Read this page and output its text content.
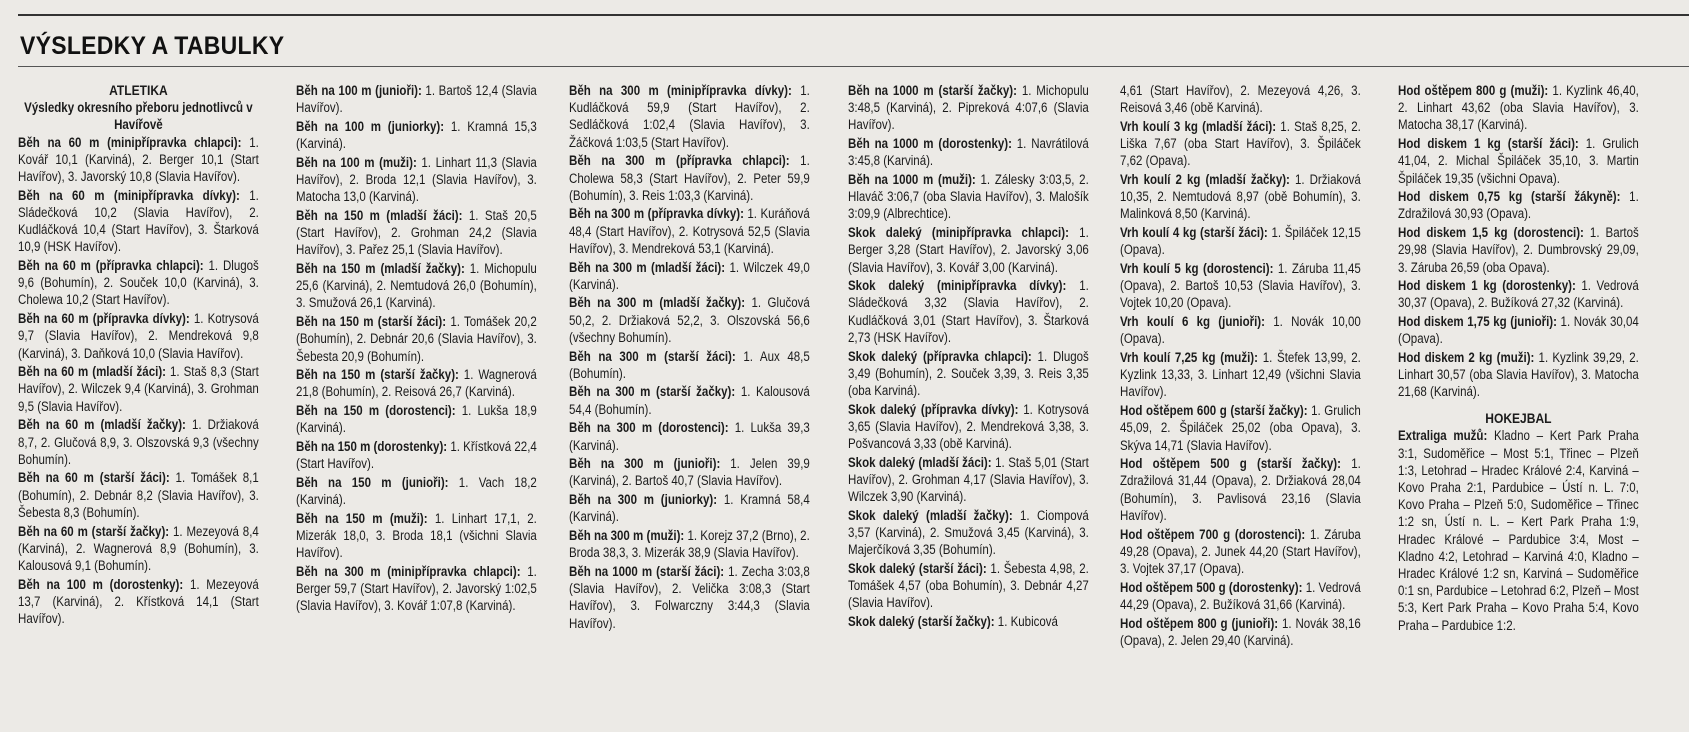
VÝSLEDKY A TABULKY
ATLETIKA
Výsledky okresního přeboru jednotlivců v Havířově

Běh na 60 m (minipřípravka chlapci): 1. Kovář 10,1 (Karviná), 2. Berger 10,1 (Start Havířov), 3. Javorský 10,8 (Slavia Havířov).

Běh na 60 m (minipřípravka dívky): 1. Sládečková 10,2 (Slavia Havířov), 2. Kudláčková 10,4 (Start Havířov), 3. Štarková 10,9 (HSK Havířov).

Běh na 60 m (přípravka chlapci): 1. Dlugoš 9,6 (Bohumín), 2. Souček 10,0 (Karviná), 3. Cholewa 10,2 (Start Havířov).

Běh na 60 m (přípravka dívky): 1. Kotrysová 9,7 (Slavia Havířov), 2. Mendreková 9,8 (Karviná), 3. Daňková 10,0 (Slavia Havířov).

Běh na 60 m (mladší žáci): 1. Staš 8,3 (Start Havířov), 2. Wilczek 9,4 (Karviná), 3. Grohman 9,5 (Slavia Havířov).

Běh na 60 m (mladší žačky): 1. Držiaková 8,7, 2. Glučová 8,9, 3. Olszovská 9,3 (všechny Bohumín).

Běh na 60 m (starší žáci): 1. Tomášek 8,1 (Bohumín), 2. Debnár 8,2 (Slavia Havířov), 3. Šebesta 8,3 (Bohumín).

Běh na 60 m (starší žačky): 1. Mezeyová 8,4 (Karviná), 2. Wagnerová 8,9 (Bohumín), 3. Kalousová 9,1 (Bohumín).

Běh na 100 m (dorostenky): 1. Mezeyová 13,7 (Karviná), 2. Křístková 14,1 (Start Havířov).

Běh na 100 m (junioři): 1. Bartoš 12,4 (Slavia Havířov).

Běh na 100 m (juniorky): 1. Kramná 15,3 (Karviná).

Běh na 100 m (muži): 1. Linhart 11,3 (Slavia Havířov), 2. Broda 12,1 (Slavia Havířov), 3. Matocha 13,0 (Karviná).

Běh na 150 m (mladší žáci): 1. Staš 20,5 (Start Havířov), 2. Grohman 24,2 (Slavia Havířov), 3. Pařez 25,1 (Slavia Havířov).

Běh na 150 m (mladší žačky): 1. Michopulu 25,6 (Karviná), 2. Nemtudová 26,0 (Bohumín), 3. Smužová 26,1 (Karviná).

Běh na 150 m (starší žáci): 1. Tomášek 20,2 (Bohumín), 2. Debnár 20,6 (Slavia Havířov), 3. Šebesta 20,9 (Bohumín).

Běh na 150 m (starší žačky): 1. Wagnerová 21,8 (Bohumín), 2. Reisová 26,7 (Karviná).

Běh na 150 m (dorostenci): 1. Lukša 18,9 (Karviná).

Běh na 150 m (dorostenky): 1. Křístková 22,4 (Start Havířov).

Běh na 150 m (junioři): 1. Vach 18,2 (Karviná).

Běh na 150 m (muži): 1. Linhart 17,1, 2. Mizerák 18,0, 3. Broda 18,1 (všichni Slavia Havířov).

Běh na 300 m (minipřípravka chlapci): 1. Berger 59,7 (Start Havířov), 2. Javorský 1:02,5 (Slavia Havířov), 3. Kovář 1:07,8 (Karviná).

Běh na 300 m (minipřípravka dívky): 1. Kudláčková 59,9 (Start Havířov), 2. Sedláčková 1:02,4 (Slavia Havířov), 3. Žáčková 1:03,5 (Start Havířov).

Běh na 300 m (přípravka chlapci): 1. Cholewa 58,3 (Start Havířov), 2. Peter 59,9 (Bohumín), 3. Reis 1:03,3 (Karviná).

Běh na 300 m (přípravka dívky): 1. Kuráňová 48,4 (Start Havířov), 2. Kotrysová 52,5 (Slavia Havířov), 3. Mendreková 53,1 (Karviná).

Běh na 300 m (mladší žáci): 1. Wilczek 49,0 (Karviná).

Běh na 300 m (mladší žačky): 1. Glučová 50,2, 2. Držiaková 52,2, 3. Olszovská 56,6 (všechny Bohumín).

Běh na 300 m (starší žáci): 1. Aux 48,5 (Bohumín).

Běh na 300 m (starší žačky): 1. Kalousová 54,4 (Bohumín).

Běh na 300 m (dorostenci): 1. Lukša 39,3 (Karviná).

Běh na 300 m (junioři): 1. Jelen 39,9 (Karviná), 2. Bartoš 40,7 (Slavia Havířov).

Běh na 300 m (juniorky): 1. Kramná 58,4 (Karviná).

Běh na 300 m (muži): 1. Korejz 37,2 (Brno), 2. Broda 38,3, 3. Mizerák 38,9 (Slavia Havířov).

Běh na 1000 m (starší žáci): 1. Zecha 3:03,8 (Slavia Havířov), 2. Velička 3:08,3 (Start Havířov), 3. Folwarczny 3:44,3 (Slavia Havířov).

Běh na 1000 m (starší žačky): 1. Michopulu 3:48,5 (Karviná), 2. Pipreková 4:07,6 (Slavia Havířov).

Běh na 1000 m (dorostenky): 1. Navrátilová 3:45,8 (Karviná).

Běh na 1000 m (muži): 1. Zálesky 3:03,5, 2. Hlaváč 3:06,7 (oba Slavia Havířov), 3. Malošík 3:09,9 (Albrechtice).

Skok daleký (minipřípravka chlapci): 1. Berger 3,28 (Start Havířov), 2. Javorský 3,06 (Slavia Havířov), 3. Kovář 3,00 (Karviná).

Skok daleký (minipřípravka dívky): 1. Sládečková 3,32 (Slavia Havířov), 2. Kudláčková 3,01 (Start Havířov), 3. Štarková 2,73 (HSK Havířov).

Skok daleký (přípravka chlapci): 1. Dlugoš 3,49 (Bohumín), 2. Souček 3,39, 3. Reis 3,35 (oba Karviná).

Skok daleký (přípravka dívky): 1. Kotrysová 3,65 (Slavia Havířov), 2. Mendreková 3,38, 3. Pošvancová 3,33 (obě Karviná).

Skok daleký (mladší žáci): 1. Staš 5,01 (Start Havířov), 2. Grohman 4,17 (Slavia Havířov), 3. Wilczek 3,90 (Karviná).

Skok daleký (mladší žačky): 1. Ciompová 3,57 (Karviná), 2. Smužová 3,45 (Karviná), 3. Majerčíková 3,35 (Bohumín).

Skok daleký (starší žáci): 1. Šebesta 4,98, 2. Tomášek 4,57 (oba Bohumín), 3. Debnár 4,27 (Slavia Havířov).

Skok daleký (starší žačky): 1. Kubicová

4,61 (Start Havířov), 2. Mezeyová 4,26, 3. Reisová 3,46 (obě Karviná).

Vrh koulí 3 kg (mladší žáci): 1. Staš 8,25, 2. Liška 7,67 (oba Start Havířov), 3. Špiláček 7,62 (Opava).

Vrh koulí 2 kg (mladší žačky): 1. Držiaková 10,35, 2. Nemtudová 8,97 (obě Bohumín), 3. Malinková 8,50 (Karviná).

Vrh koulí 4 kg (starší žáci): 1. Špiláček 12,15 (Opava).

Vrh koulí 5 kg (dorostenci): 1. Záruba 11,45 (Opava), 2. Bartoš 10,53 (Slavia Havířov), 3. Vojtek 10,20 (Opava).

Vrh koulí 6 kg (junioři): 1. Novák 10,00 (Opava).

Vrh koulí 7,25 kg (muži): 1. Štefek 13,99, 2. Kyzlink 13,33, 3. Linhart 12,49 (všichni Slavia Havířov).

Hod oštěpem 600 g (starší žačky): 1. Grulich 45,09, 2. Špiláček 25,02 (oba Opava), 3. Skýva 14,71 (Slavia Havířov).

Hod oštěpem 500 g (starší žačky): 1. Zdražilová 31,44 (Opava), 2. Držiaková 28,04 (Bohumín), 3. Pavlisová 23,16 (Slavia Havířov).

Hod oštěpem 700 g (dorostenci): 1. Záruba 49,28 (Opava), 2. Junek 44,20 (Start Havířov), 3. Vojtek 37,17 (Opava).

Hod oštěpem 500 g (dorostenky): 1. Vedrová 44,29 (Opava), 2. Bužíková 31,66 (Karviná).

Hod oštěpem 800 g (junioři): 1. Novák 38,16 (Opava), 2. Jelen 29,40 (Karviná).

Hod oštěpem 800 g (muži): 1. Kyzlink 46,40, 2. Linhart 43,62 (oba Slavia Havířov), 3. Matocha 38,17 (Karviná).

Hod diskem 1 kg (starší žáci): 1. Grulich 41,04, 2. Michal Špiláček 35,10, 3. Martin Špiláček 19,35 (všichni Opava).

Hod diskem 0,75 kg (starší žákyně): 1. Zdražilová 30,93 (Opava).

Hod diskem 1,5 kg (dorostenci): 1. Bartoš 29,98 (Slavia Havířov), 2. Dumbrovský 29,09, 3. Záruba 26,59 (oba Opava).

Hod diskem 1 kg (dorostenky): 1. Vedrová 30,37 (Opava), 2. Bužíková 27,32 (Karviná).

Hod diskem 1,75 kg (junioři): 1. Novák 30,04 (Opava).

Hod diskem 2 kg (muži): 1. Kyzlink 39,29, 2. Linhart 30,57 (oba Slavia Havířov), 3. Matocha 21,68 (Karviná).

HOKEJBAL

Extraliga mužů: Kladno – Kert Park Praha 3:1, Sudoměřice – Most 5:1, Třinec – Plzeň 1:3, Letohrad – Hradec Králové 2:4, Karviná – Kovo Praha 2:1, Pardubice – Ústí n. L. 7:0, Kovo Praha – Plzeň 5:0, Sudoměřice – Třinec 1:2 sn, Ústí n. L. – Kert Park Praha 1:9, Hradec Králové – Pardubice 3:4, Most – Kladno 4:2, Letohrad – Karviná 4:0, Kladno – Hradec Králové 1:2 sn, Karviná – Sudoměřice 0:1 sn, Pardubice – Letohrad 6:2, Plzeň – Most 5:3, Kert Park Praha – Kovo Praha 5:4, Kovo Praha – Pardubice 1:2.
